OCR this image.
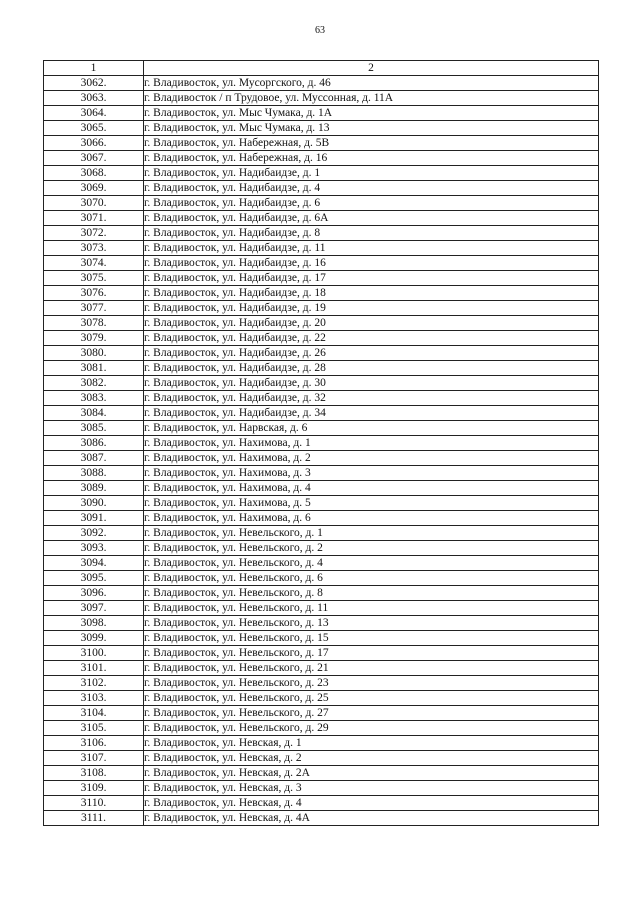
63
1	2
3062.	г. Владивосток, ул. Мусоргского, д. 46
3063.	г. Владивосток / п Трудовое, ул. Муссонная, д. 11А
3064.	г. Владивосток, ул. Мыс Чумака, д. 1А
3065.	г. Владивосток, ул. Мыс Чумака, д. 13
3066.	г. Владивосток, ул. Набережная, д. 5В
3067.	г. Владивосток, ул. Набережная, д. 16
3068.	г. Владивосток, ул. Надибаидзе, д. 1
3069.	г. Владивосток, ул. Надибаидзе, д. 4
3070.	г. Владивосток, ул. Надибаидзе, д. 6
3071.	г. Владивосток, ул. Надибаидзе, д. 6А
3072.	г. Владивосток, ул. Надибаидзе, д. 8
3073.	г. Владивосток, ул. Надибаидзе, д. 11
3074.	г. Владивосток, ул. Надибаидзе, д. 16
3075.	г. Владивосток, ул. Надибаидзе, д. 17
3076.	г. Владивосток, ул. Надибаидзе, д. 18
3077.	г. Владивосток, ул. Надибаидзе, д. 19
3078.	г. Владивосток, ул. Надибаидзе, д. 20
3079.	г. Владивосток, ул. Надибаидзе, д. 22
3080.	г. Владивосток, ул. Надибаидзе, д. 26
3081.	г. Владивосток, ул. Надибаидзе, д. 28
3082.	г. Владивосток, ул. Надибаидзе, д. 30
3083.	г. Владивосток, ул. Надибаидзе, д. 32
3084.	г. Владивосток, ул. Надибаидзе, д. 34
3085.	г. Владивосток, ул. Нарвская, д. 6
3086.	г. Владивосток, ул. Нахимова, д. 1
3087.	г. Владивосток, ул. Нахимова, д. 2
3088.	г. Владивосток, ул. Нахимова, д. 3
3089.	г. Владивосток, ул. Нахимова, д. 4
3090.	г. Владивосток, ул. Нахимова, д. 5
3091.	г. Владивосток, ул. Нахимова, д. 6
3092.	г. Владивосток, ул. Невельского, д. 1
3093.	г. Владивосток, ул. Невельского, д. 2
3094.	г. Владивосток, ул. Невельского, д. 4
3095.	г. Владивосток, ул. Невельского, д. 6
3096.	г. Владивосток, ул. Невельского, д. 8
3097.	г. Владивосток, ул. Невельского, д. 11
3098.	г. Владивосток, ул. Невельского, д. 13
3099.	г. Владивосток, ул. Невельского, д. 15
3100.	г. Владивосток, ул. Невельского, д. 17
3101.	г. Владивосток, ул. Невельского, д. 21
3102.	г. Владивосток, ул. Невельского, д. 23
3103.	г. Владивосток, ул. Невельского, д. 25
3104.	г. Владивосток, ул. Невельского, д. 27
3105.	г. Владивосток, ул. Невельского, д. 29
3106.	г. Владивосток, ул. Невская, д. 1
3107.	г. Владивосток, ул. Невская, д. 2
3108.	г. Владивосток, ул. Невская, д. 2А
3109.	г. Владивосток, ул. Невская, д. 3
3110.	г. Владивосток, ул. Невская, д. 4
3111.	г. Владивосток, ул. Невская, д. 4А
